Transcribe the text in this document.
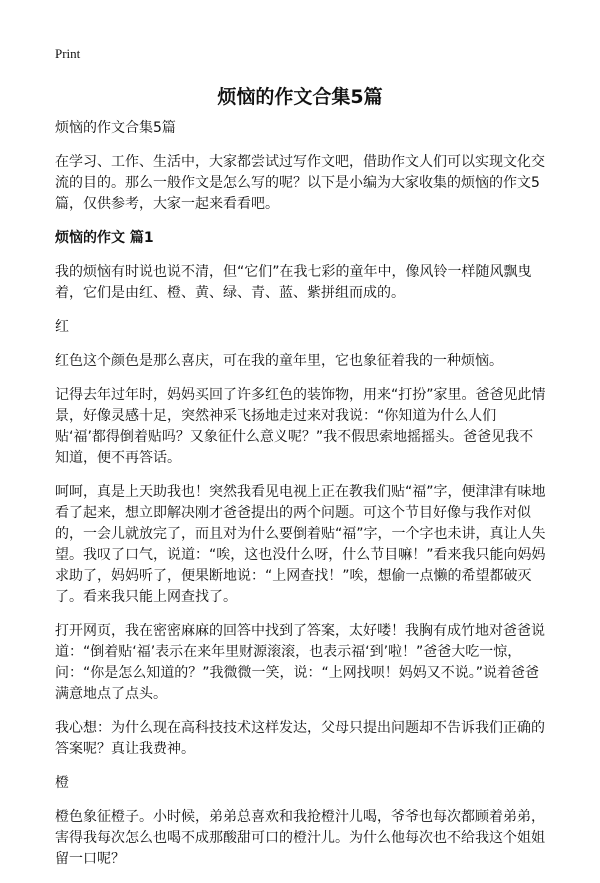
Print
烦恼的作文合集5篇

烦恼的作文合集5篇

在学习、工作、生活中，大家都尝试过写作文吧，借助作文人们可以实现文化交流的目的。那么一般作文是怎么写的呢？以下是小编为大家收集的烦恼的作文5篇，仅供参考，大家一起来看看吧。

烦恼的作文 篇1

我的烦恼有时说也说不清，但“它们”在我七彩的童年中，像风铃一样随风飘曳着，它们是由红、橙、黄、绿、青、蓝、紫拼组而成的。

红

红色这个颜色是那么喜庆，可在我的童年里，它也象征着我的一种烦恼。

记得去年过年时，妈妈买回了许多红色的装饰物，用来“打扮”家里。爸爸见此情景，好像灵感十足，突然神采飞扬地走过来对我说：“你知道为什么人们贴‘福’都得倒着贴吗？又象征什么意义呢？”我不假思索地摇摇头。爸爸见我不知道，便不再答话。

呵呵，真是上天助我也！突然我看见电视上正在教我们贴“福”字，便津津有味地看了起来，想立即解决刚才爸爸提出的两个问题。可这个节目好像与我作对似的，一会儿就放完了，而且对为什么要倒着贴“福”字，一个字也未讲，真让人失望。我叹了口气，说道：“唉，这也没什么呀，什么节目嘛！”看来我只能向妈妈求助了，妈妈听了，便果断地说：“上网查找！”唉，想偷一点懒的希望都破灭了。看来我只能上网查找了。

打开网页，我在密密麻麻的回答中找到了答案，太好喽！我胸有成竹地对爸爸说道：“倒着贴‘福’表示在来年里财源滚滚，也表示福‘到’啦！”爸爸大吃一惊，问：“你是怎么知道的？”我微微一笑，说：“上网找呗！妈妈又不说。”说着爸爸满意地点了点头。

我心想：为什么现在高科技技术这样发达，父母只提出问题却不告诉我们正确的答案呢？真让我费神。

橙

橙色象征橙子。小时候，弟弟总喜欢和我抢橙汁儿喝，爷爷也每次都顾着弟弟，害得我每次怎么也喝不成那酸甜可口的橙汁儿。为什么他每次也不给我这个姐姐留一口呢？
